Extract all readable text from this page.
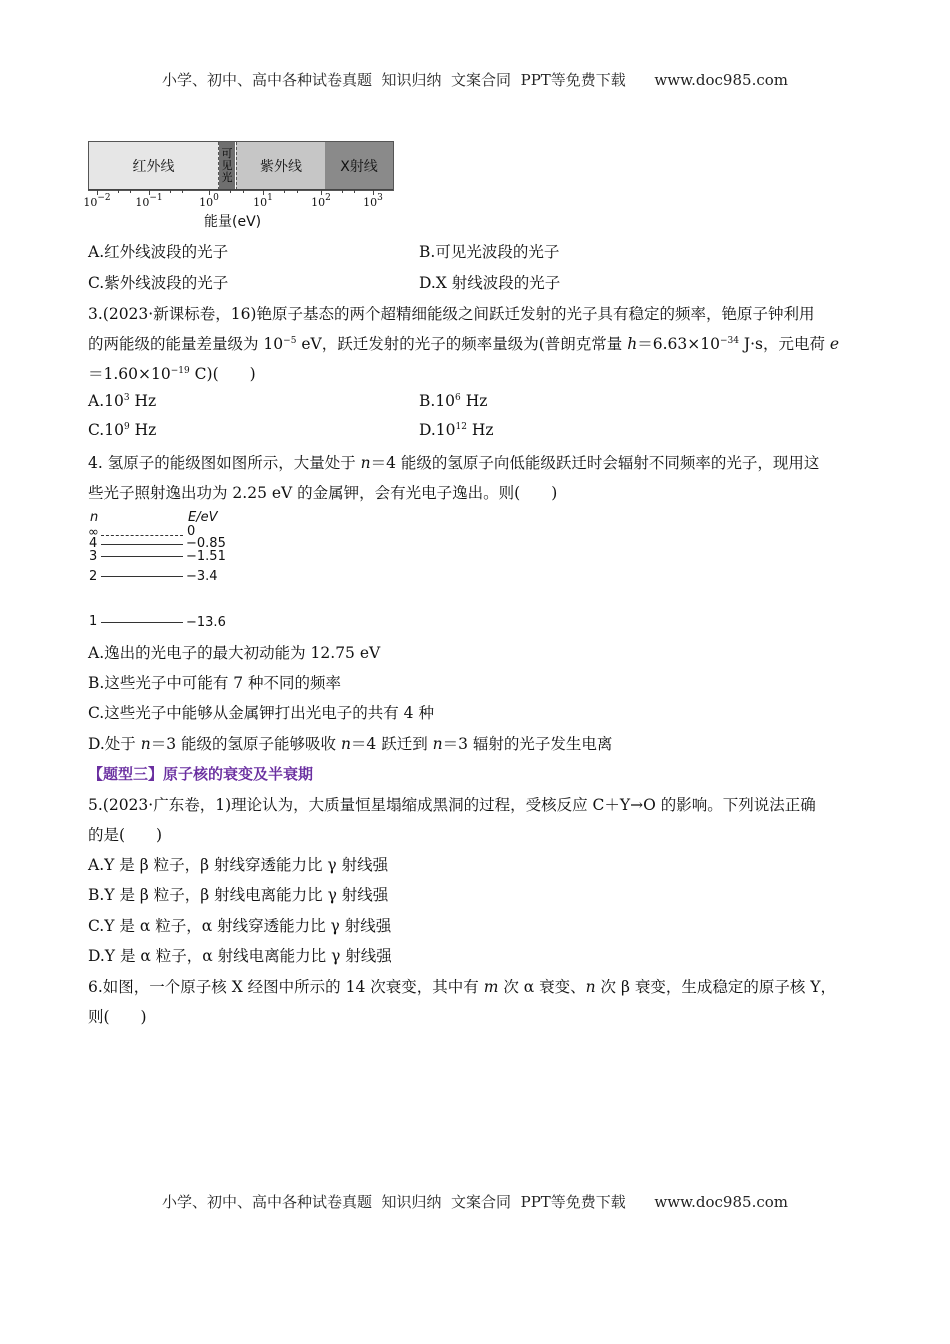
小学、初中、高中各种试卷真题  知识归纳  文案合同  PPT等免费下载      www.doc985.com
红外线
可
见
光
紫外线	X射线
$10^{-2}$ $10^{-1}$	$10^0$	$10^1$	$10^2$	$10^3$
能量(eV)
A.红外线波段的光子	B.可见光波段的光子
C.紫外线波段的光子	D.X 射线波段的光子
3.(2023·新课标卷，16)铯原子基态的两个超精细能级之间跃迁发射的光子具有稳定的频率，铯原子钟利用
的两能级的能量差量级为 $10^{-5}$ eV，跃迁发射的光子的频率量级为(普朗克常量 $h=6.63\times 10^{-34}$ J·s，元电荷 e
$=1.60\times 10^{-19}$ C)(　　)
$A.10^3$ Hz	$B.10^6$ Hz
$C.10^9$ Hz	$D.10^{12}$ Hz
4. 氢原子的能级图如图所示，大量处于 n＝4 能级的氢原子向低能级跃迁时会辐射不同频率的光子，现用这
些光子照射逸出功为 2.25 eV 的金属钾，会有光电子逸出。则(　　)
n	E/eV
∞	0
4	−0.85
3	−1.51
2	−3.4
1	−13.6
A.逸出的光电子的最大初动能为 12.75 eV
B.这些光子中可能有 7 种不同的频率
C.这些光子中能够从金属钾打出光电子的共有 4 种
D.处于 n＝3 能级的氢原子能够吸收 n＝4 跃迁到 n＝3 辐射的光子发生电离
【题型三】原子核的衰变及半衰期
5.(2023·广东卷，1)理论认为，大质量恒星塌缩成黑洞的过程，受核反应 C＋Y→O 的影响。下列说法正确
的是(　　)
A.Y 是 β 粒子，β 射线穿透能力比 γ 射线强
B.Y 是 β 粒子，β 射线电离能力比 γ 射线强
C.Y 是 α 粒子，α 射线穿透能力比 γ 射线强
D.Y 是 α 粒子，α 射线电离能力比 γ 射线强
6.如图，一个原子核 X 经图中所示的 14 次衰变，其中有 m 次 α 衰变、n 次 β 衰变，生成稳定的原子核 Y，
则(　　)
小学、初中、高中各种试卷真题  知识归纳  文案合同  PPT等免费下载      www.doc985.com
